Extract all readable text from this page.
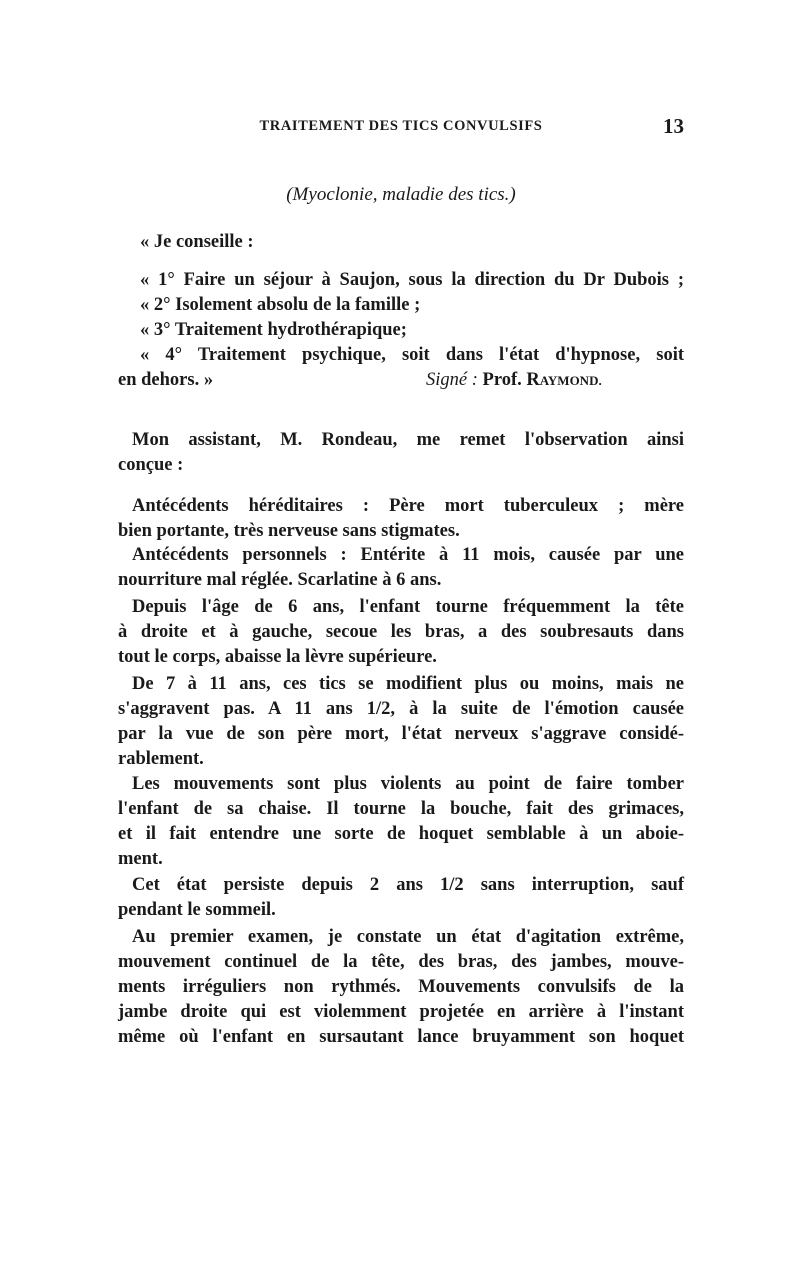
TRAITEMENT DES TICS CONVULSIFS	13
(Myoclonie, maladie des tics.)
« Je conseille :
« 1° Faire un séjour à Saujon, sous la direction du Dr Dubois ;
« 2° Isolement absolu de la famille ;
« 3° Traitement hydrothérapique;
« 4° Traitement psychique, soit dans l'état d'hypnose, soit
en dehors. »	Signé : Prof. RAYMOND.
Mon assistant, M. Rondeau, me remet l'observation ainsi
conçue :
Antécédents héréditaires : Père mort tuberculeux ; mère
bien portante, très nerveuse sans stigmates.
Antécédents personnels : Entérite à 11 mois, causée par une
nourriture mal réglée. Scarlatine à 6 ans.
Depuis l'âge de 6 ans, l'enfant tourne fréquemment la tête
à droite et à gauche, secoue les bras, a des soubresauts dans
tout le corps, abaisse la lèvre supérieure.
De 7 à 11 ans, ces tics se modifient plus ou moins, mais ne
s'aggravent pas. A 11 ans 1/2, à la suite de l'émotion causée
par la vue de son père mort, l'état nerveux s'aggrave considé-
rablement.
Les mouvements sont plus violents au point de faire tomber
l'enfant de sa chaise. Il tourne la bouche, fait des grimaces,
et il fait entendre une sorte de hoquet semblable à un aboie-
ment.
Cet état persiste depuis 2 ans 1/2 sans interruption, sauf
pendant le sommeil.
Au premier examen, je constate un état d'agitation extrême,
mouvement continuel de la tête, des bras, des jambes, mouve-
ments irréguliers non rythmés. Mouvements convulsifs de la
jambe droite qui est violemment projetée en arrière à l'instant
même où l'enfant en sursautant lance bruyamment son hoquet
